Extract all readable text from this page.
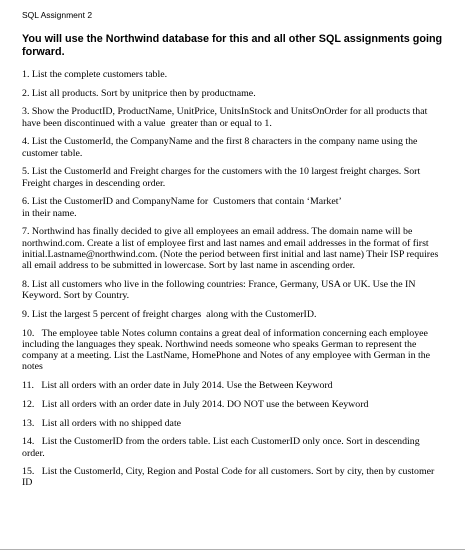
SQL Assignment 2
You will use the Northwind database for this and all other SQL assignments going forward.
1. List the complete customers table.
2. List all products. Sort by unitprice then by productname.
3. Show the ProductID, ProductName, UnitPrice, UnitsInStock and UnitsOnOrder for all products that have been discontinued with a value  greater than or equal to 1.
4. List the CustomerId, the CompanyName and the first 8 characters in the company name using the customer table.
5. List the CustomerId and Freight charges for the customers with the 10 largest freight charges. Sort Freight charges in descending order.
6. List the CustomerID and CompanyName for  Customers that contain ‘Market’
in their name.
7. Northwind has finally decided to give all employees an email address. The domain name will be northwind.com. Create a list of employee first and last names and email addresses in the format of first initial.Lastname@northwind.com. (Note the period between first initial and last name) Their ISP requires all email address to be submitted in lowercase. Sort by last name in ascending order.
8. List all customers who live in the following countries: France, Germany, USA or UK. Use the IN Keyword. Sort by Country.
9. List the largest 5 percent of freight charges  along with the CustomerID.
10.   The employee table Notes column contains a great deal of information concerning each employee including the languages they speak. Northwind needs someone who speaks German to represent the company at a meeting. List the LastName, HomePhone and Notes of any employee with German in the notes
11.   List all orders with an order date in July 2014. Use the Between Keyword
12.   List all orders with an order date in July 2014. DO NOT use the between Keyword
13.   List all orders with no shipped date
14.   List the CustomerID from the orders table. List each CustomerID only once. Sort in descending order.
15.   List the CustomerId, City, Region and Postal Code for all customers. Sort by city, then by customer ID
